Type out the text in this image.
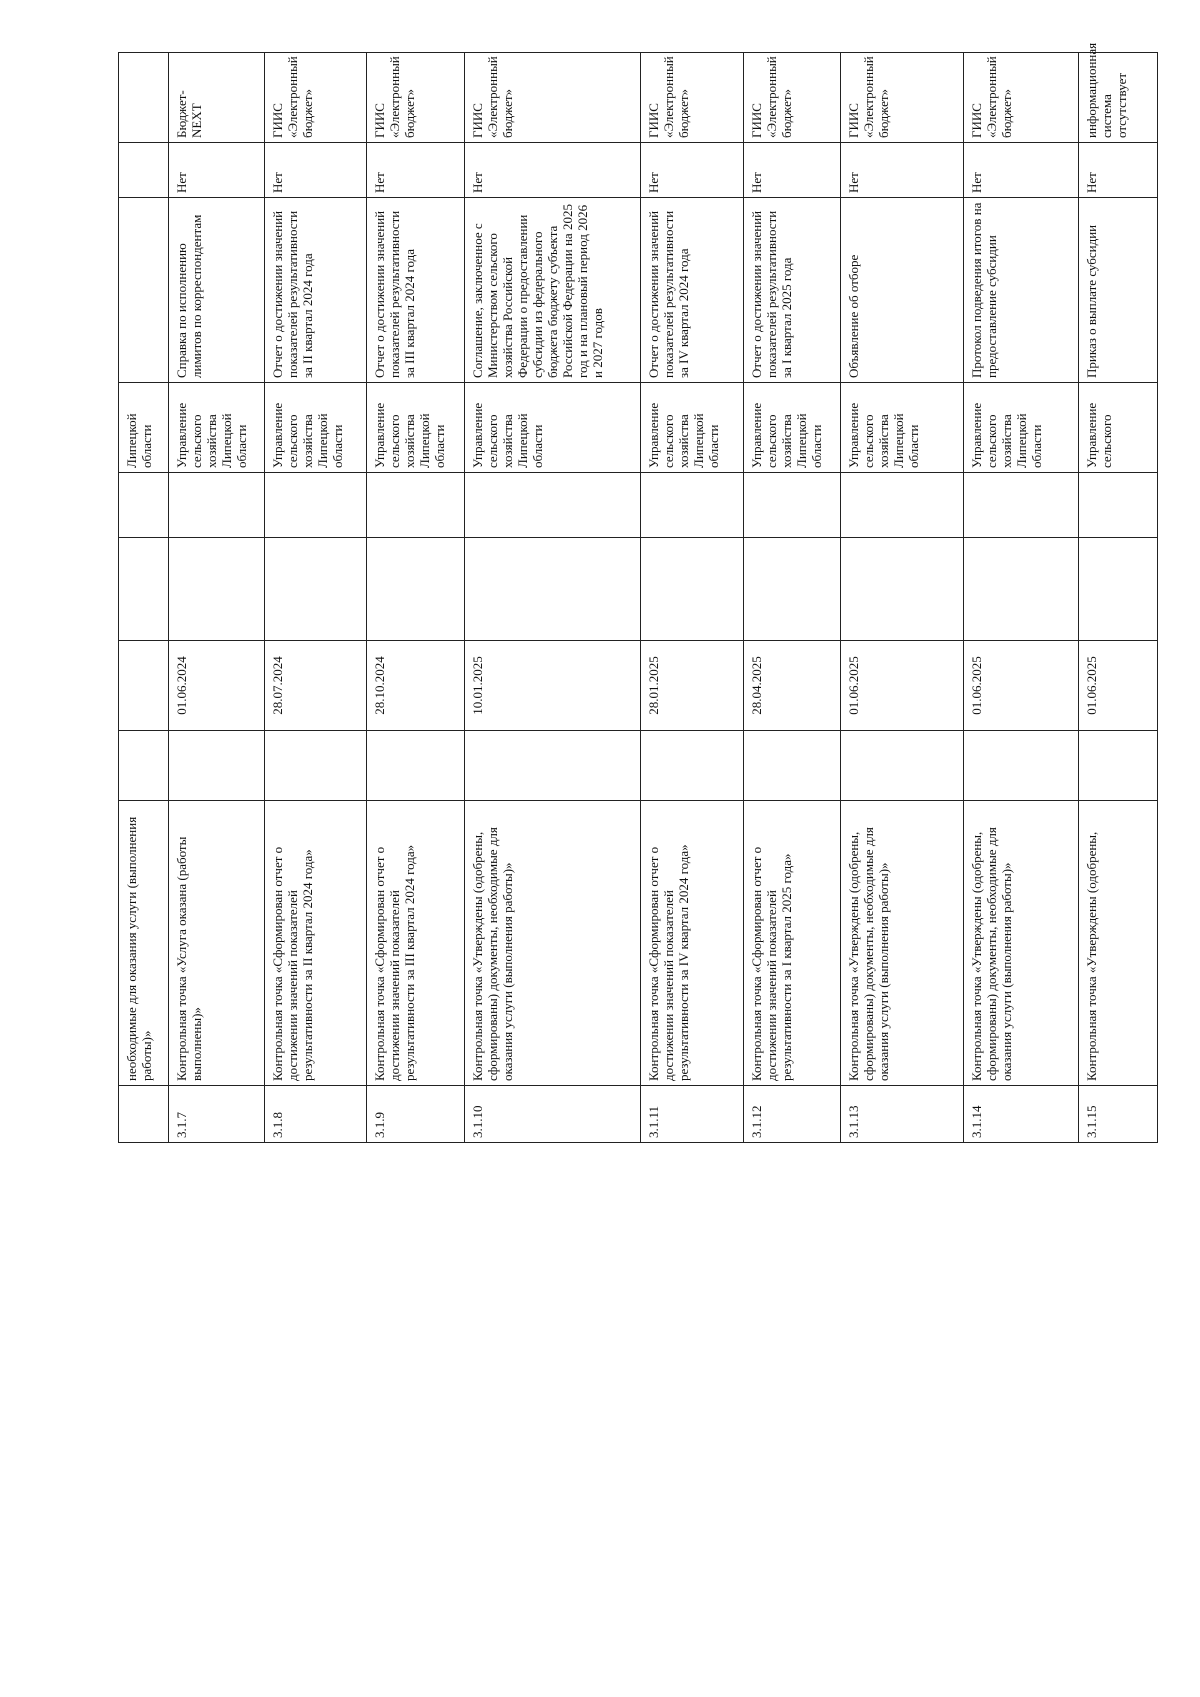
	необходимые для оказания услуги (выполнения работы)»					Липецкой области			
3.1.7	Контрольная точка «Услуга оказана (работы выполнены)»		01.06.2024			Управление сельского хозяйства Липецкой области	Справка по исполнению лимитов по корреспондентам	Нет	Бюджет-NEXT
3.1.8	Контрольная точка «Сформирован отчет о достижении значений показателей результативности за II квартал 2024 года»		28.07.2024			Управление сельского хозяйства Липецкой области	Отчет о достижении значений показателей результативности за II квартал 2024 года	Нет	ГИИС «Электронный бюджет»
3.1.9	Контрольная точка «Сформирован отчет о достижении значений показателей результативности за III квартал 2024 года»		28.10.2024			Управление сельского хозяйства Липецкой области	Отчет о достижении значений показателей результативности за III квартал 2024 года	Нет	ГИИС «Электронный бюджет»
3.1.10	Контрольная точка «Утверждены (одобрены, сформированы) документы, необходимые для оказания услуги (выполнения работы)»		10.01.2025			Управление сельского хозяйства Липецкой области	Соглашение, заключенное с Министерством сельского хозяйства Российской Федерации о предоставлении субсидии из федерального бюджета бюджету субъекта Российской Федерации на 2025 год и на плановый период 2026 и 2027 годов	Нет	ГИИС «Электронный бюджет»
3.1.11	Контрольная точка «Сформирован отчет о достижении значений показателей результативности за IV квартал 2024 года»		28.01.2025			Управление сельского хозяйства Липецкой области	Отчет о достижении значений показателей результативности за IV квартал 2024 года	Нет	ГИИС «Электронный бюджет»
3.1.12	Контрольная точка «Сформирован отчет о достижении значений показателей результативности за I квартал 2025 года»		28.04.2025			Управление сельского хозяйства Липецкой области	Отчет о достижении значений показателей результативности за I квартал 2025 года	Нет	ГИИС «Электронный бюджет»
3.1.13	Контрольная точка «Утверждены (одобрены, сформированы) документы, необходимые для оказания услуги (выполнения работы)»		01.06.2025			Управление сельского хозяйства Липецкой области	Объявление об отборе	Нет	ГИИС «Электронный бюджет»
3.1.14	Контрольная точка «Утверждены (одобрены, сформированы) документы, необходимые для оказания услуги (выполнения работы)»		01.06.2025			Управление сельского хозяйства Липецкой области	Протокол подведения итогов на предоставление субсидии	Нет	ГИИС «Электронный бюджет»
3.1.15	Контрольная точка «Утверждены (одобрены,		01.06.2025			Управление сельского	Приказ о выплате субсидии	Нет	информационная система отсутствует
